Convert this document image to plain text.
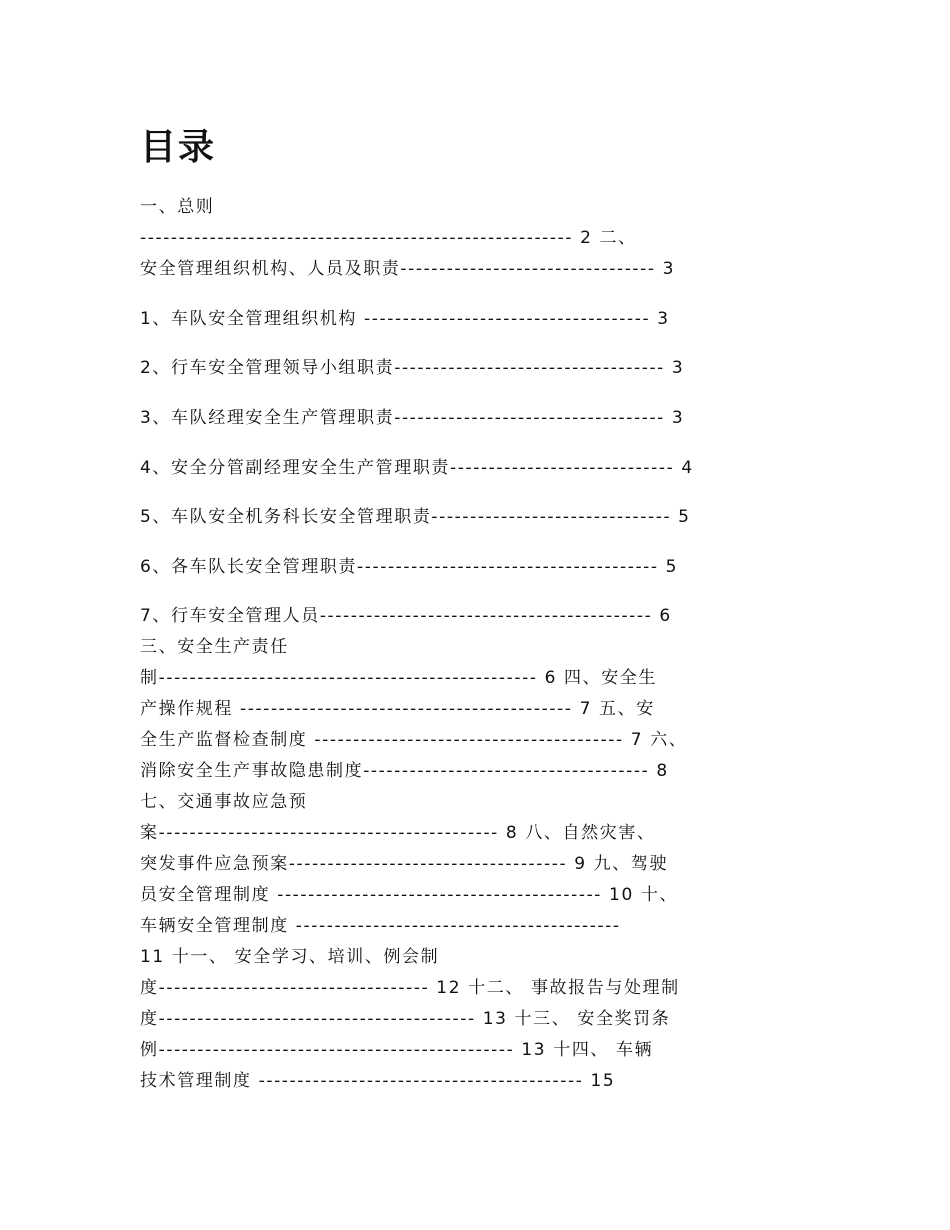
目录
一、总则
-------------------------------------------------------- 2 二、
安全管理组织机构、人员及职责--------------------------------- 3
1、车队安全管理组织机构 ------------------------------------- 3
2、行车安全管理领导小组职责----------------------------------- 3
3、车队经理安全生产管理职责----------------------------------- 3
4、安全分管副经理安全生产管理职责----------------------------- 4
5、车队安全机务科长安全管理职责------------------------------- 5
6、各车队长安全管理职责--------------------------------------- 5
7、行车安全管理人员------------------------------------------- 6
三、安全生产责任
制------------------------------------------------- 6 四、安全生
产操作规程 ------------------------------------------- 7 五、安
全生产监督检查制度 ---------------------------------------- 7 六、
消除安全生产事故隐患制度------------------------------------- 8
七、交通事故应急预
案-------------------------------------------- 8 八、自然灾害、
突发事件应急预案------------------------------------ 9 九、驾驶
员安全管理制度 ------------------------------------------ 10 十、
车辆安全管理制度 ------------------------------------------
11 十一、 安全学习、培训、例会制
度----------------------------------- 12 十二、 事故报告与处理制
度----------------------------------------- 13 十三、 安全奖罚条
例---------------------------------------------- 13 十四、 车辆
技术管理制度 ------------------------------------------ 15
